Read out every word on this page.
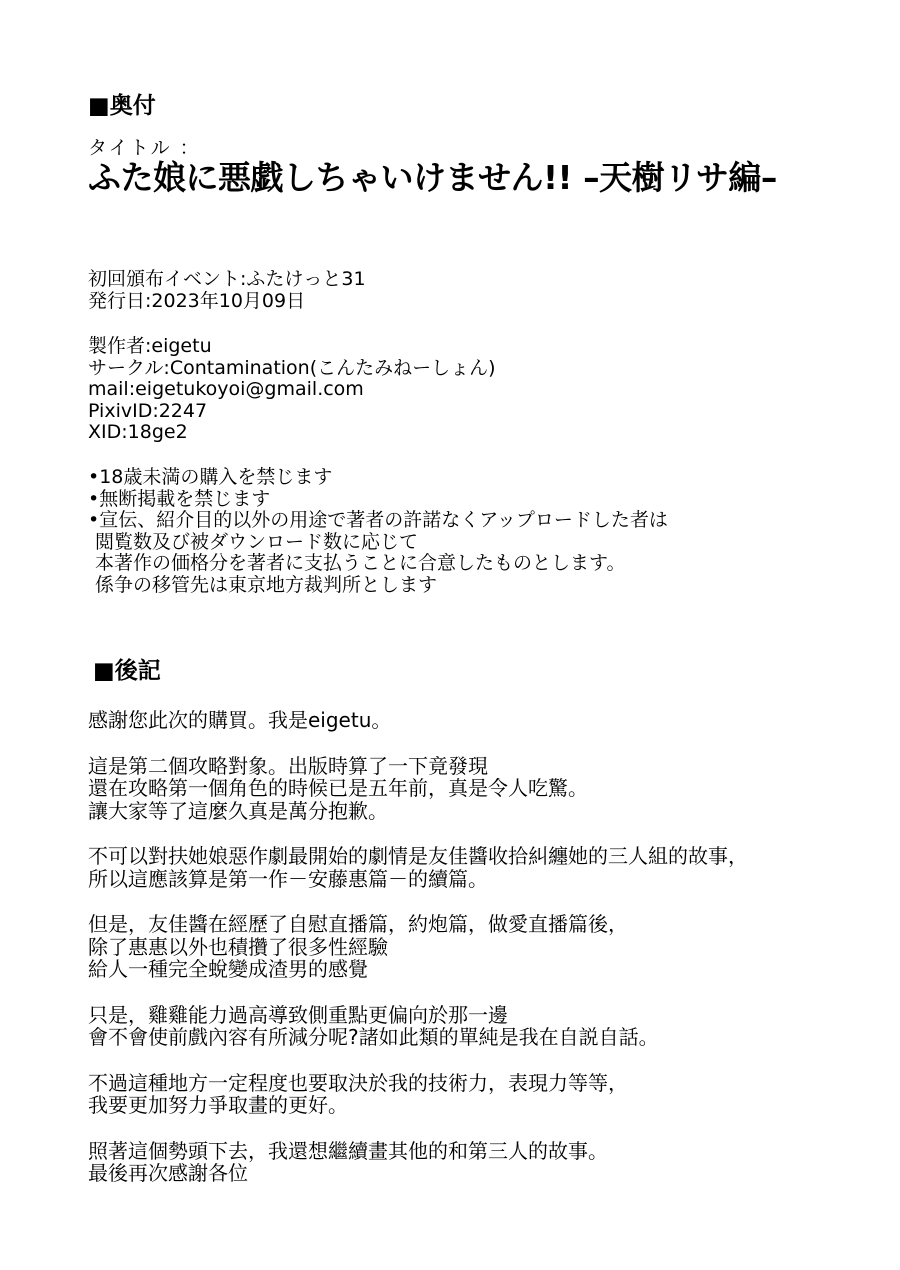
■奥付
タイトル ：
ふた娘に悪戯しちゃいけません!! –天樹リサ編–
初回頒布イベント:ふたけっと31
発行日:2023年10月09日
製作者:eigetu
サークル:Contamination(こんたみねーしょん)
mail:eigetukoyoi@gmail.com
PixivID:2247
XID:18ge2
•18歳未満の購入を禁じます
•無断掲載を禁じます
•宣伝、紹介目的以外の用途で著者の許諾なくアップロードした者は
閲覧数及び被ダウンロード数に応じて
本著作の価格分を著者に支払うことに合意したものとします。
係争の移管先は東京地方裁判所とします
■後記
感謝您此次的購買。我是eigetu。
這是第二個攻略對象。出版時算了一下竟發現
還在攻略第一個角色的時候已是五年前，真是令人吃驚。
讓大家等了這麼久真是萬分抱歉。
不可以對扶她娘惡作劇最開始的劇情是友佳醬收拾糾纏她的三人組的故事，
所以這應該算是第一作－安藤惠篇－的續篇。
但是，友佳醬在經歷了自慰直播篇，約炮篇，做愛直播篇後，
除了惠惠以外也積攢了很多性經驗
給人一種完全蛻變成渣男的感覺
只是，雞雞能力過高導致側重點更偏向於那一邊
會不會使前戲內容有所減分呢?諸如此類的單純是我在自説自話。
不過這種地方一定程度也要取決於我的技術力，表現力等等，
我要更加努力爭取畫的更好。
照著這個勢頭下去，我還想繼續畫其他的和第三人的故事。
最後再次感謝各位
